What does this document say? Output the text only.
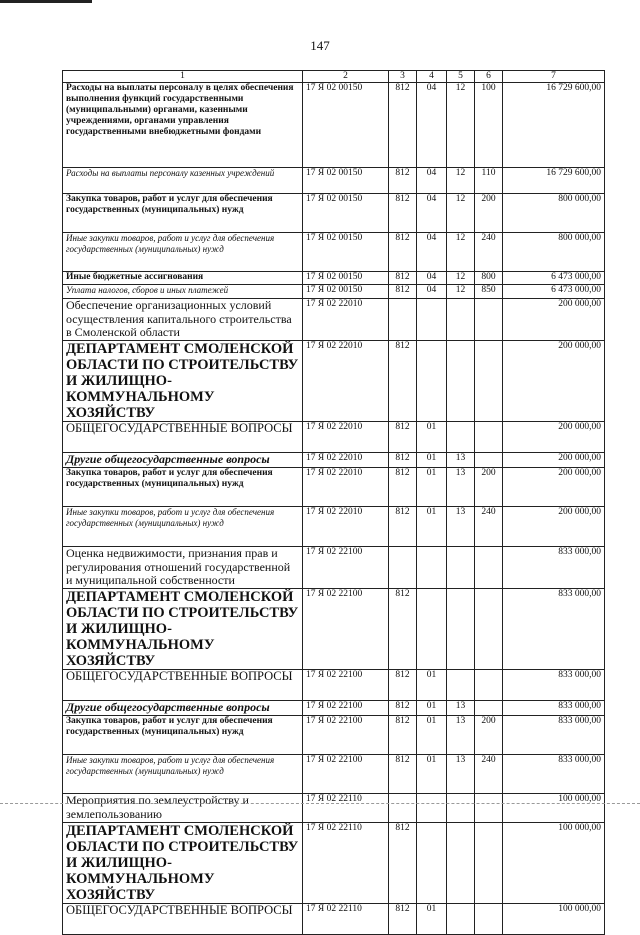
147
1	2	3	4	5	6	7
Расходы на выплаты персоналу в целях обеспечения выполнения функций государственными (муниципальными) органами, казенными учреждениями, органами управления государственными внебюджетными фондами	17 Я 02 00150	812	04	12	100	16 729 600,00
Расходы на выплаты персоналу казенных учреждений	17 Я 02 00150	812	04	12	110	16 729 600,00
Закупка товаров, работ и услуг для обеспечения государственных (муниципальных) нужд	17 Я 02 00150	812	04	12	200	800 000,00
Иные закупки товаров, работ и услуг для обеспечения государственных (муниципальных) нужд	17 Я 02 00150	812	04	12	240	800 000,00
Иные бюджетные ассигнования	17 Я 02 00150	812	04	12	800	6 473 000,00
Уплата налогов, сборов и иных платежей	17 Я 02 00150	812	04	12	850	6 473 000,00
Обеспечение организационных условий осуществления капитального строительства в Смоленской области	17 Я 02 22010					200 000,00
ДЕПАРТАМЕНТ СМОЛЕНСКОЙ ОБЛАСТИ ПО СТРОИТЕЛЬСТВУ И ЖИЛИЩНО-КОММУНАЛЬНОМУ ХОЗЯЙСТВУ	17 Я 02 22010	812				200 000,00
ОБЩЕГОСУДАРСТВЕННЫЕ ВОПРОСЫ	17 Я 02 22010	812	01			200 000,00
Другие общегосударственные вопросы	17 Я 02 22010	812	01	13		200 000,00
Закупка товаров, работ и услуг для обеспечения государственных (муниципальных) нужд	17 Я 02 22010	812	01	13	200	200 000,00
Иные закупки товаров, работ и услуг для обеспечения государственных (муниципальных) нужд	17 Я 02 22010	812	01	13	240	200 000,00
Оценка недвижимости, признания прав и регулирования отношений государственной и муниципальной собственности	17 Я 02 22100					833 000,00
ДЕПАРТАМЕНТ СМОЛЕНСКОЙ ОБЛАСТИ ПО СТРОИТЕЛЬСТВУ И ЖИЛИЩНО-КОММУНАЛЬНОМУ ХОЗЯЙСТВУ	17 Я 02 22100	812				833 000,00
ОБЩЕГОСУДАРСТВЕННЫЕ ВОПРОСЫ	17 Я 02 22100	812	01			833 000,00
Другие общегосударственные вопросы	17 Я 02 22100	812	01	13		833 000,00
Закупка товаров, работ и услуг для обеспечения государственных (муниципальных) нужд	17 Я 02 22100	812	01	13	200	833 000,00
Иные закупки товаров, работ и услуг для обеспечения государственных (муниципальных) нужд	17 Я 02 22100	812	01	13	240	833 000,00
Мероприятия по землеустройству и землепользованию	17 Я 02 22110					100 000,00
ДЕПАРТАМЕНТ СМОЛЕНСКОЙ ОБЛАСТИ ПО СТРОИТЕЛЬСТВУ И ЖИЛИЩНО-КОММУНАЛЬНОМУ ХОЗЯЙСТВУ	17 Я 02 22110	812				100 000,00
ОБЩЕГОСУДАРСТВЕННЫЕ ВОПРОСЫ	17 Я 02 22110	812	01			100 000,00
